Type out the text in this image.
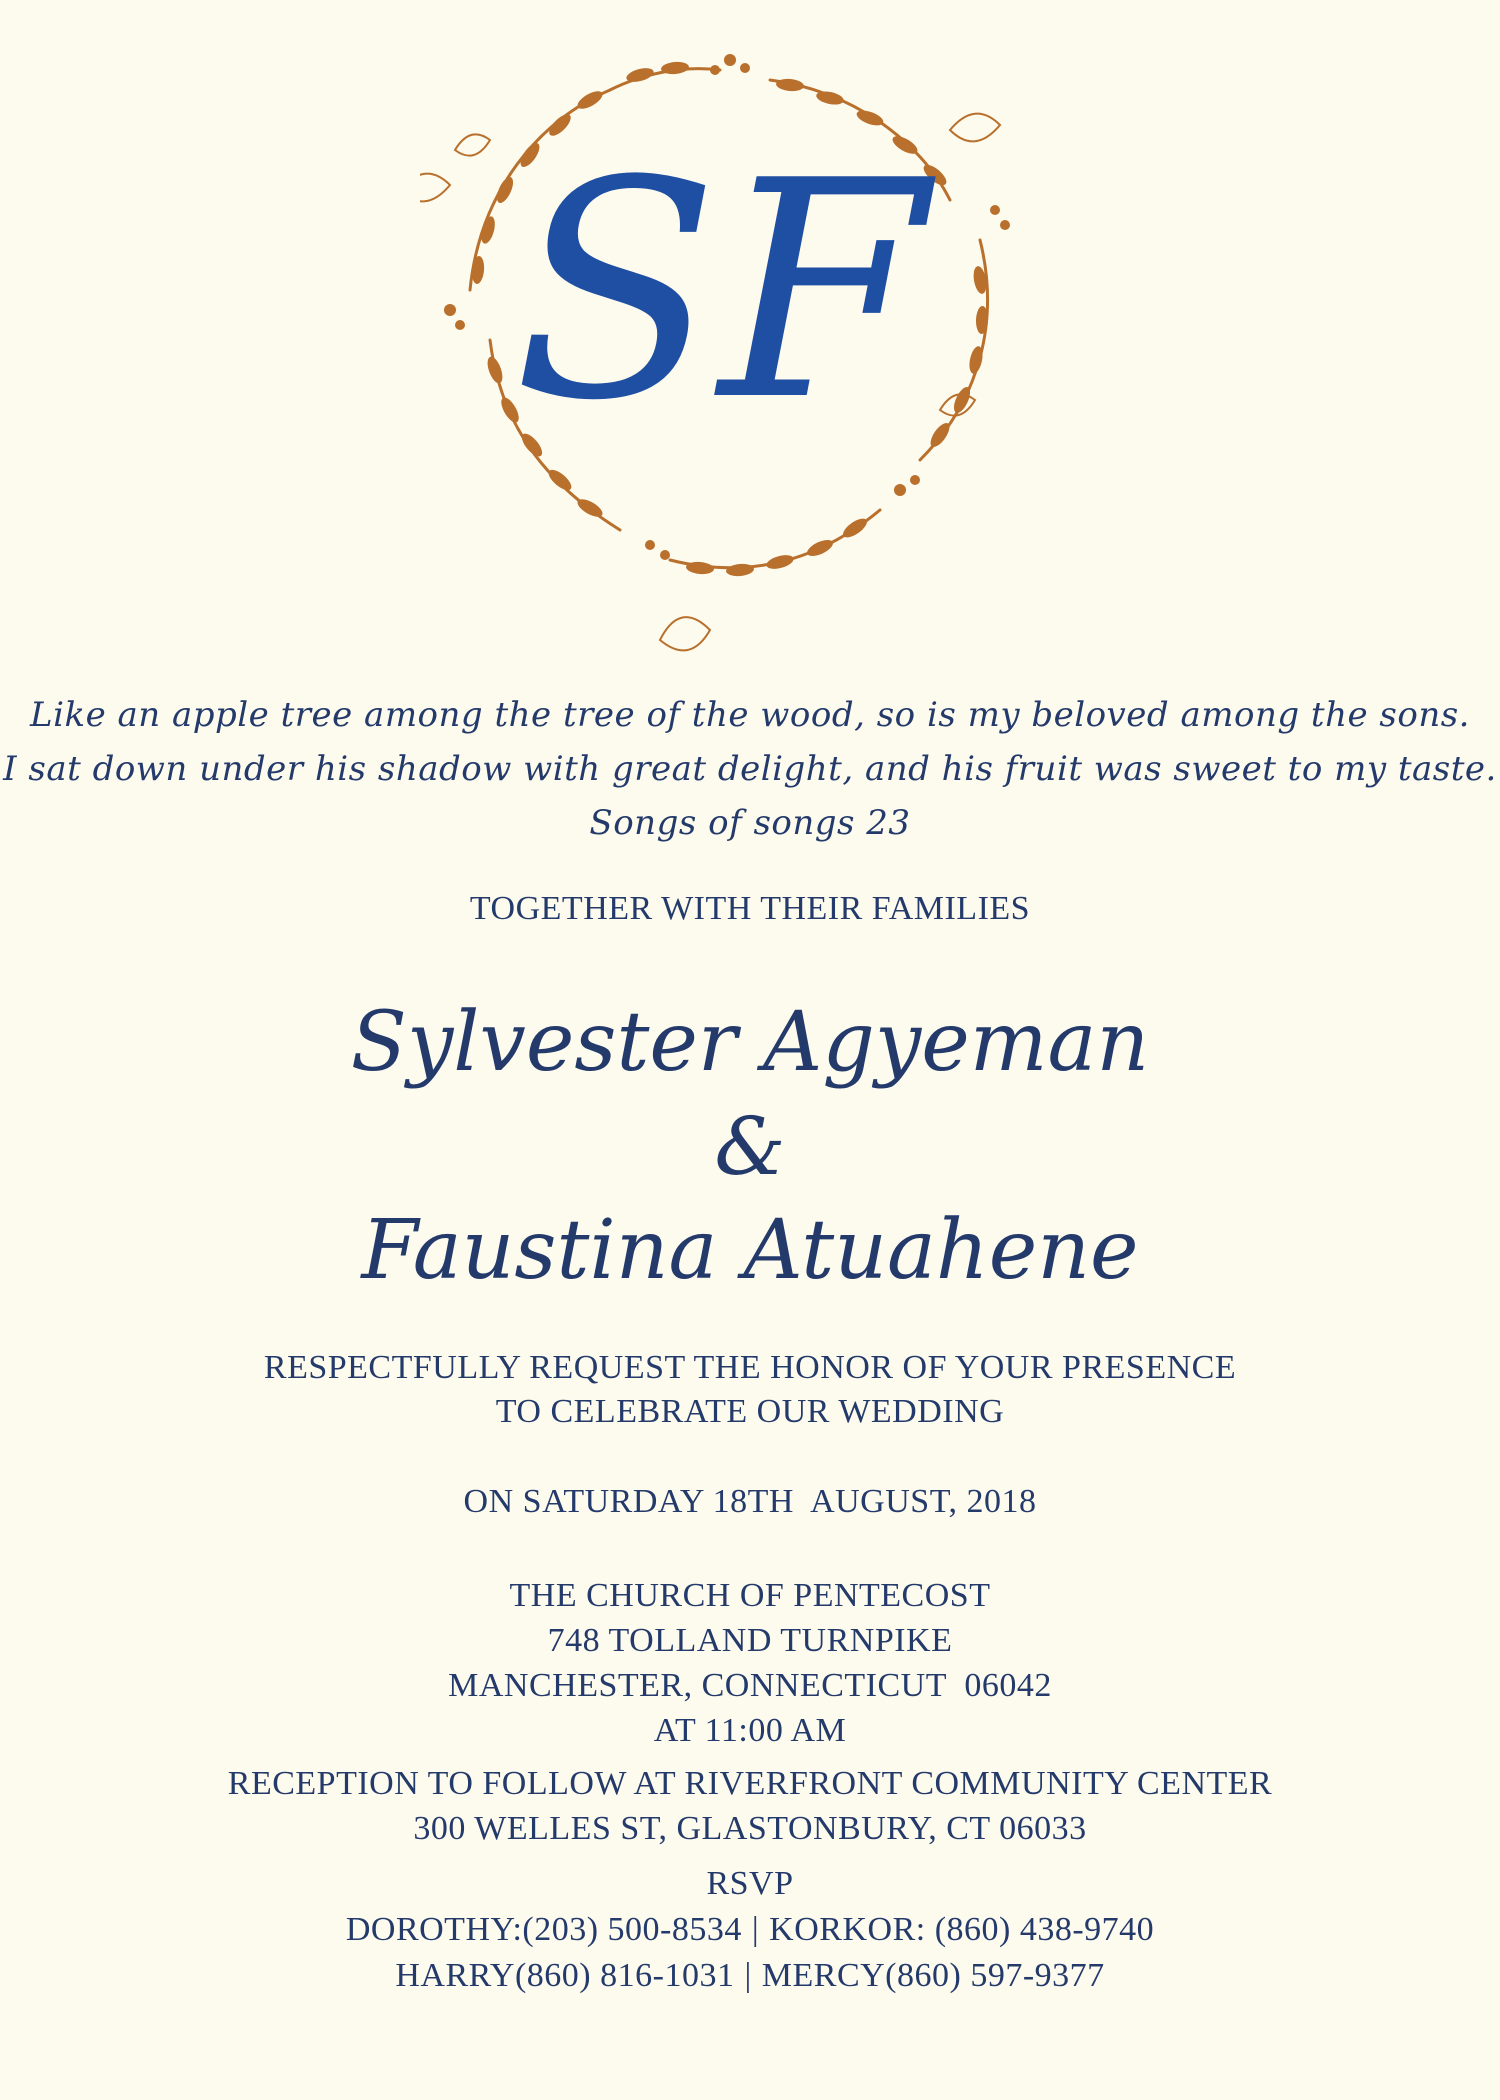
SF
Like an apple tree among the tree of the wood, so is my beloved among the sons.
I sat down under his shadow with great delight, and his fruit was sweet to my taste.
Songs of songs 23
TOGETHER WITH THEIR FAMILIES
Sylvester Agyeman
&
Faustina Atuahene
RESPECTFULLY REQUEST THE HONOR OF YOUR PRESENCE
TO CELEBRATE OUR WEDDING
ON SATURDAY 18TH  AUGUST, 2018
THE CHURCH OF PENTECOST
748 TOLLAND TURNPIKE
MANCHESTER, CONNECTICUT  06042
AT 11:00 AM
RECEPTION TO FOLLOW AT RIVERFRONT COMMUNITY CENTER
300 WELLES ST, GLASTONBURY, CT 06033
RSVP
DOROTHY:(203) 500-8534 | KORKOR: (860) 438-9740
HARRY(860) 816-1031 | MERCY(860) 597-9377
